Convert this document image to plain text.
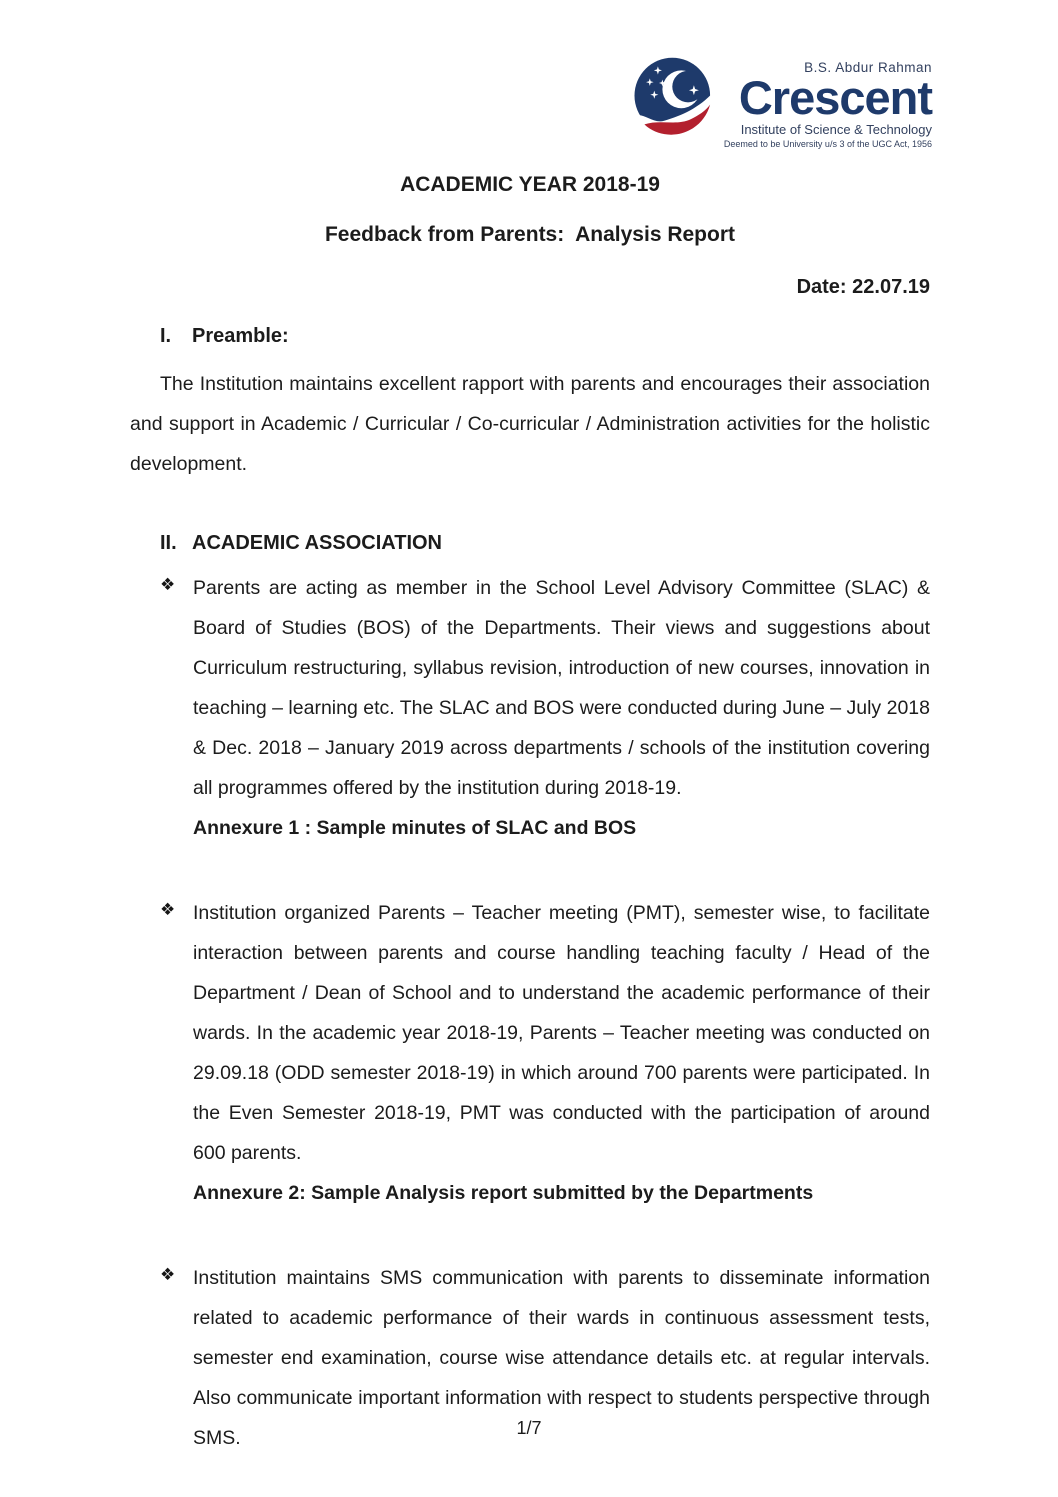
B.S. Abdur Rahman
Crescent
Institute of Science & Technology
Deemed to be University u/s 3 of the UGC Act, 1956
ACADEMIC YEAR 2018-19
Feedback from Parents:  Analysis Report
Date: 22.07.19
I.	Preamble:

The Institution maintains excellent rapport with parents and encourages their association and support in Academic / Curricular / Co-curricular / Administration activities for the holistic development.

II. ACADEMIC ASSOCIATION
❖ Parents are acting as member in the School Level Advisory Committee (SLAC) & Board of Studies (BOS) of the Departments. Their views and suggestions about Curriculum restructuring, syllabus revision, introduction of new courses, innovation in teaching – learning etc. The SLAC and BOS were conducted during June – July 2018 & Dec. 2018 – January 2019 across departments / schools of the institution covering all programmes offered by the institution during 2018-19.

Annexure 1 : Sample minutes of SLAC and BOS

❖ Institution organized Parents – Teacher meeting (PMT), semester wise, to facilitate interaction between parents and course handling teaching faculty / Head of the Department / Dean of School and to understand the academic performance of their wards. In the academic year 2018-19, Parents – Teacher meeting was conducted on 29.09.18 (ODD semester 2018-19) in which around 700 parents were participated. In the Even Semester 2018-19, PMT was conducted with the participation of around 600 parents.

Annexure 2: Sample Analysis report submitted by the Departments

❖ Institution maintains SMS communication with parents to disseminate information related to academic performance of their wards in continuous assessment tests, semester end examination, course wise attendance details etc. at regular intervals. Also communicate important information with respect to students perspective through SMS.	1/7
